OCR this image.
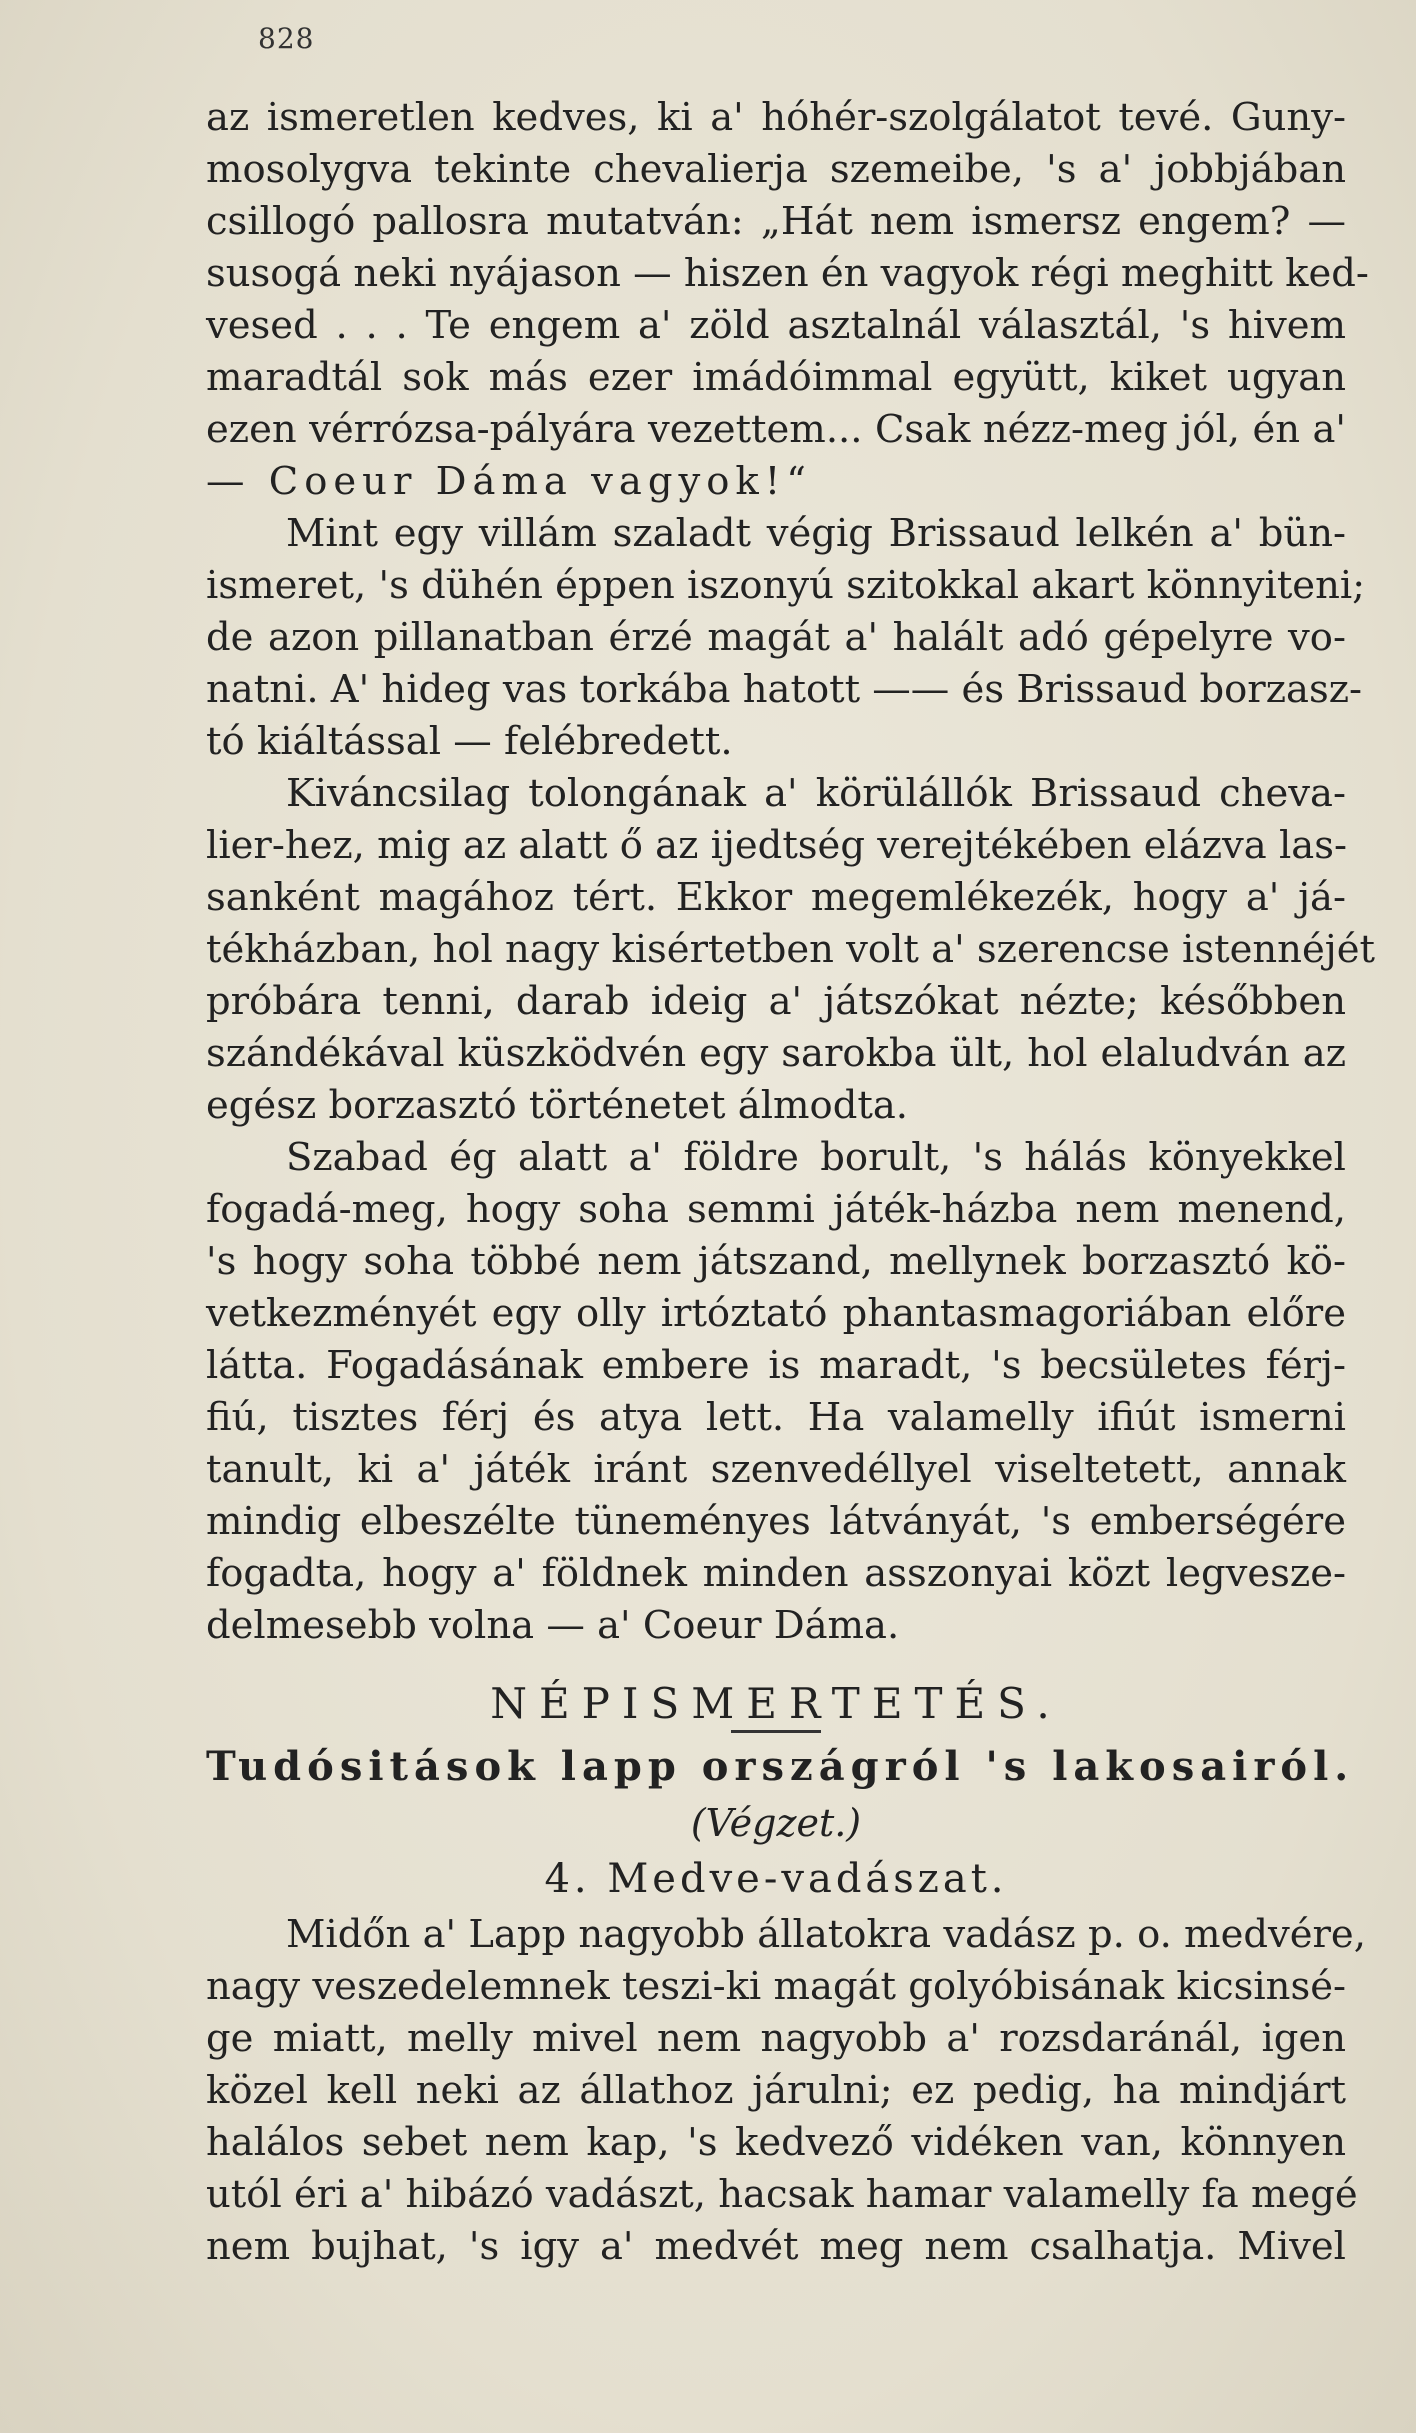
828
az ismeretlen kedves, ki a' hóhér-szolgálatot tevé. Guny-
mosolygva tekinte chevalierja szemeibe, 's a' jobbjában
csillogó pallosra mutatván: „Hát nem ismersz engem? —
susogá neki nyájason — hiszen én vagyok régi meghitt ked-
vesed . . . Te engem a' zöld asztalnál választál, 's hivem
maradtál sok más ezer imádóimmal együtt, kiket ugyan
ezen vérrózsa-pályára vezettem... Csak nézz-meg jól, én a'
— Coeur Dáma vagyok!“
Mint egy villám szaladt végig Brissaud lelkén a' bün-
ismeret, 's dühén éppen iszonyú szitokkal akart könnyiteni;
de azon pillanatban érzé magát a' halált adó gépelyre vo-
natni. A' hideg vas torkába hatott —— és Brissaud borzasz-
tó kiáltással — felébredett.
Kiváncsilag tolongának a' körülállók Brissaud cheva-
lier-hez, mig az alatt ő az ijedtség verejtékében elázva las-
sanként magához tért. Ekkor megemlékezék, hogy a' já-
tékházban, hol nagy kisértetben volt a' szerencse istennéjét
próbára tenni, darab ideig a' játszókat nézte; későbben
szándékával küszködvén egy sarokba ült, hol elaludván az
egész borzasztó történetet álmodta.
Szabad ég alatt a' földre borult, 's hálás könyekkel
fogadá-meg, hogy soha semmi játék-házba nem menend,
's hogy soha többé nem játszand, mellynek borzasztó kö-
vetkezményét egy olly irtóztató phantasmagoriában előre
látta. Fogadásának embere is maradt, 's becsületes férj-
fiú, tisztes férj és atya lett. Ha valamelly ifiút ismerni
tanult, ki a' játék iránt szenvedéllyel viseltetett, annak
mindig elbeszélte tüneményes látványát, 's emberségére
fogadta, hogy a' földnek minden asszonyai közt legvesze-
delmesebb volna — a' Coeur Dáma.
NÉPISMERTETÉS.
Tudósitások lapp országról 's lakosairól.
(Végzet.)
4. Medve-vadászat.
Midőn a' Lapp nagyobb állatokra vadász p. o. medvére,
nagy veszedelemnek teszi-ki magát golyóbisának kicsinsé-
ge miatt, melly mivel nem nagyobb a' rozsdaránál, igen
közel kell neki az állathoz járulni; ez pedig, ha mindjárt
halálos sebet nem kap, 's kedvező vidéken van, könnyen
utól éri a' hibázó vadászt, hacsak hamar valamelly fa megé
nem bujhat, 's igy a' medvét meg nem csalhatja. Mivel
